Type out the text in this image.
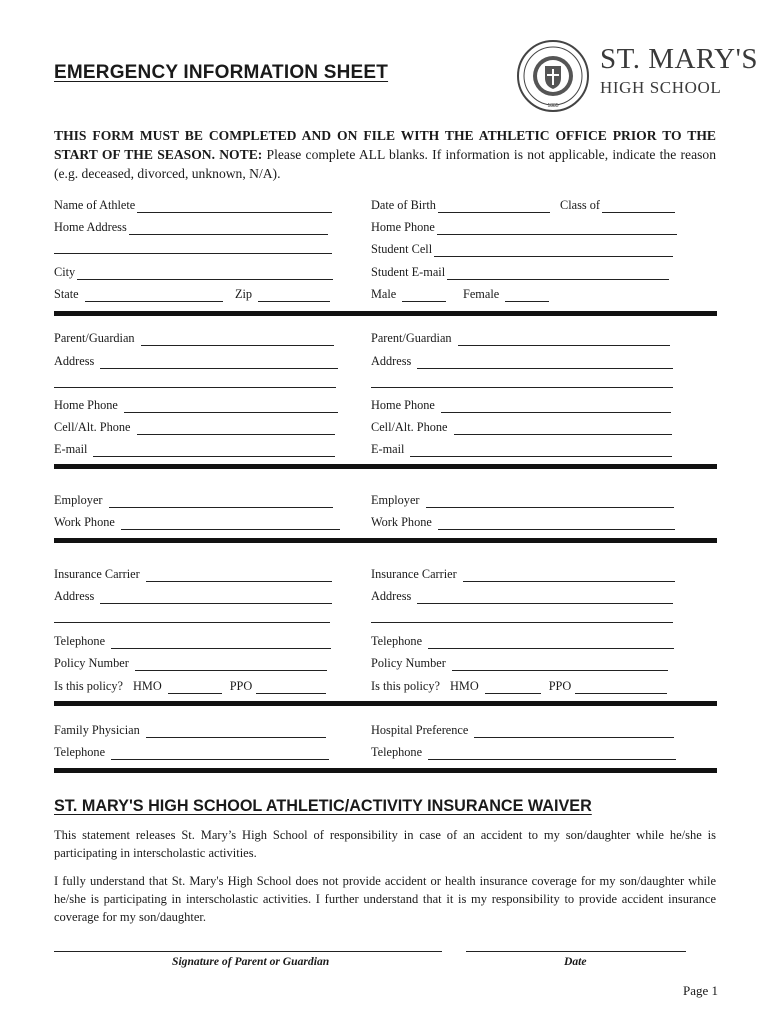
EMERGENCY INFORMATION SHEET
1885
ST. MARY'S
HIGH SCHOOL

THIS FORM MUST BE COMPLETED AND ON FILE WITH THE ATHLETIC OFFICE PRIOR TO THE START OF THE SEASON. NOTE: Please complete ALL blanks. If information is not applicable, indicate the reason (e.g. deceased, divorced, unknown, N/A).

Name of Athlete	Date of Birth	Class of
Home Address	Home Phone
Student Cell
City	Student E-mail
State	Zip	Male	Female
Parent/Guardian	Parent/Guardian
Address	Address
Home Phone	Home Phone
Cell/Alt. Phone	Cell/Alt. Phone
E-mail	E-mail
Employer	Employer
Work Phone	Work Phone
Insurance Carrier	Insurance Carrier
Address	Address
Telephone	Telephone
Policy Number	Policy Number
Is this policy? HMO	PPO	Is this policy? HMO	PPO
Family Physician	Hospital Preference
Telephone	Telephone
ST. MARY'S HIGH SCHOOL ATHLETIC/ACTIVITY INSURANCE WAIVER

This statement releases St. Mary’s High School of responsibility in case of an accident to my son/daughter while he/she is participating in interscholastic activities.

I fully understand that St. Mary's High School does not provide accident or health insurance coverage for my son/daughter while he/she is participating in interscholastic activities. I further understand that it is my responsibility to provide accident insurance coverage for my son/daughter.

Signature of Parent or Guardian	Date
Page 1
